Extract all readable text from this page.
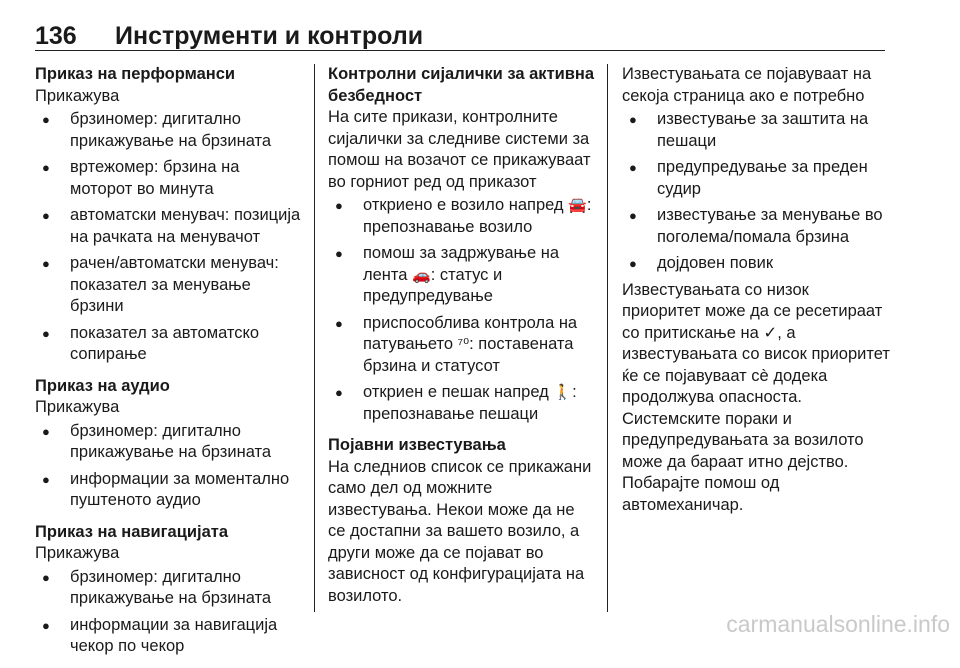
136 Инструменти и контроли
Приказ на перформанси
Прикажува
● брзиномер: дигитално прикажување на брзината
● вртежомер: брзина на моторот во минута
● автоматски менувач: позиција на рачката на менувачот
● рачен/автоматски менувач: показател за менување брзини
● показател за автоматско сопирање
Приказ на аудио
Прикажува
● брзиномер: дигитално прикажување на брзината
● информации за моментално пуштеното аудио
Приказ на навигацијата
Прикажува
● брзиномер: дигитално прикажување на брзината
● информации за навигација чекор по чекор
Контролни сијалички за активна безбедност
На сите прикази, контролните сијалички за следниве системи за помош на возачот се прикажуваат во горниот ред од приказот
● откриено е возило напред 🚘: препознавање возило
● помош за задржување на лента 🚗: статус и предупредување
● приспособлива контрола на патувањето ⁷⁰: поставената брзина и статусот
● откриен е пешак напред 🚶: препознавање пешаци
Појавни известувања
На следниов список се прикажани само дел од можните известувања. Некои може да не се достапни за вашето возило, а други може да се појават во зависност од конфигурацијата на возилото.
Известувањата се појавуваат на секоја страница ако е потребно
● известување за заштита на пешаци
● предупредување за преден судир
● известување за менување во поголема/помала брзина
● дојдовен повик
Известувањата со низок приоритет може да се ресетираат со притискање на ✓, а известувањата со висок приоритет ќе се појавуваат сè додека продолжува опасноста. Системските пораки и предупредувањата за возилото може да бараат итно дејство. Побарајте помош од автомеханичар.
carmanualsonline.info
